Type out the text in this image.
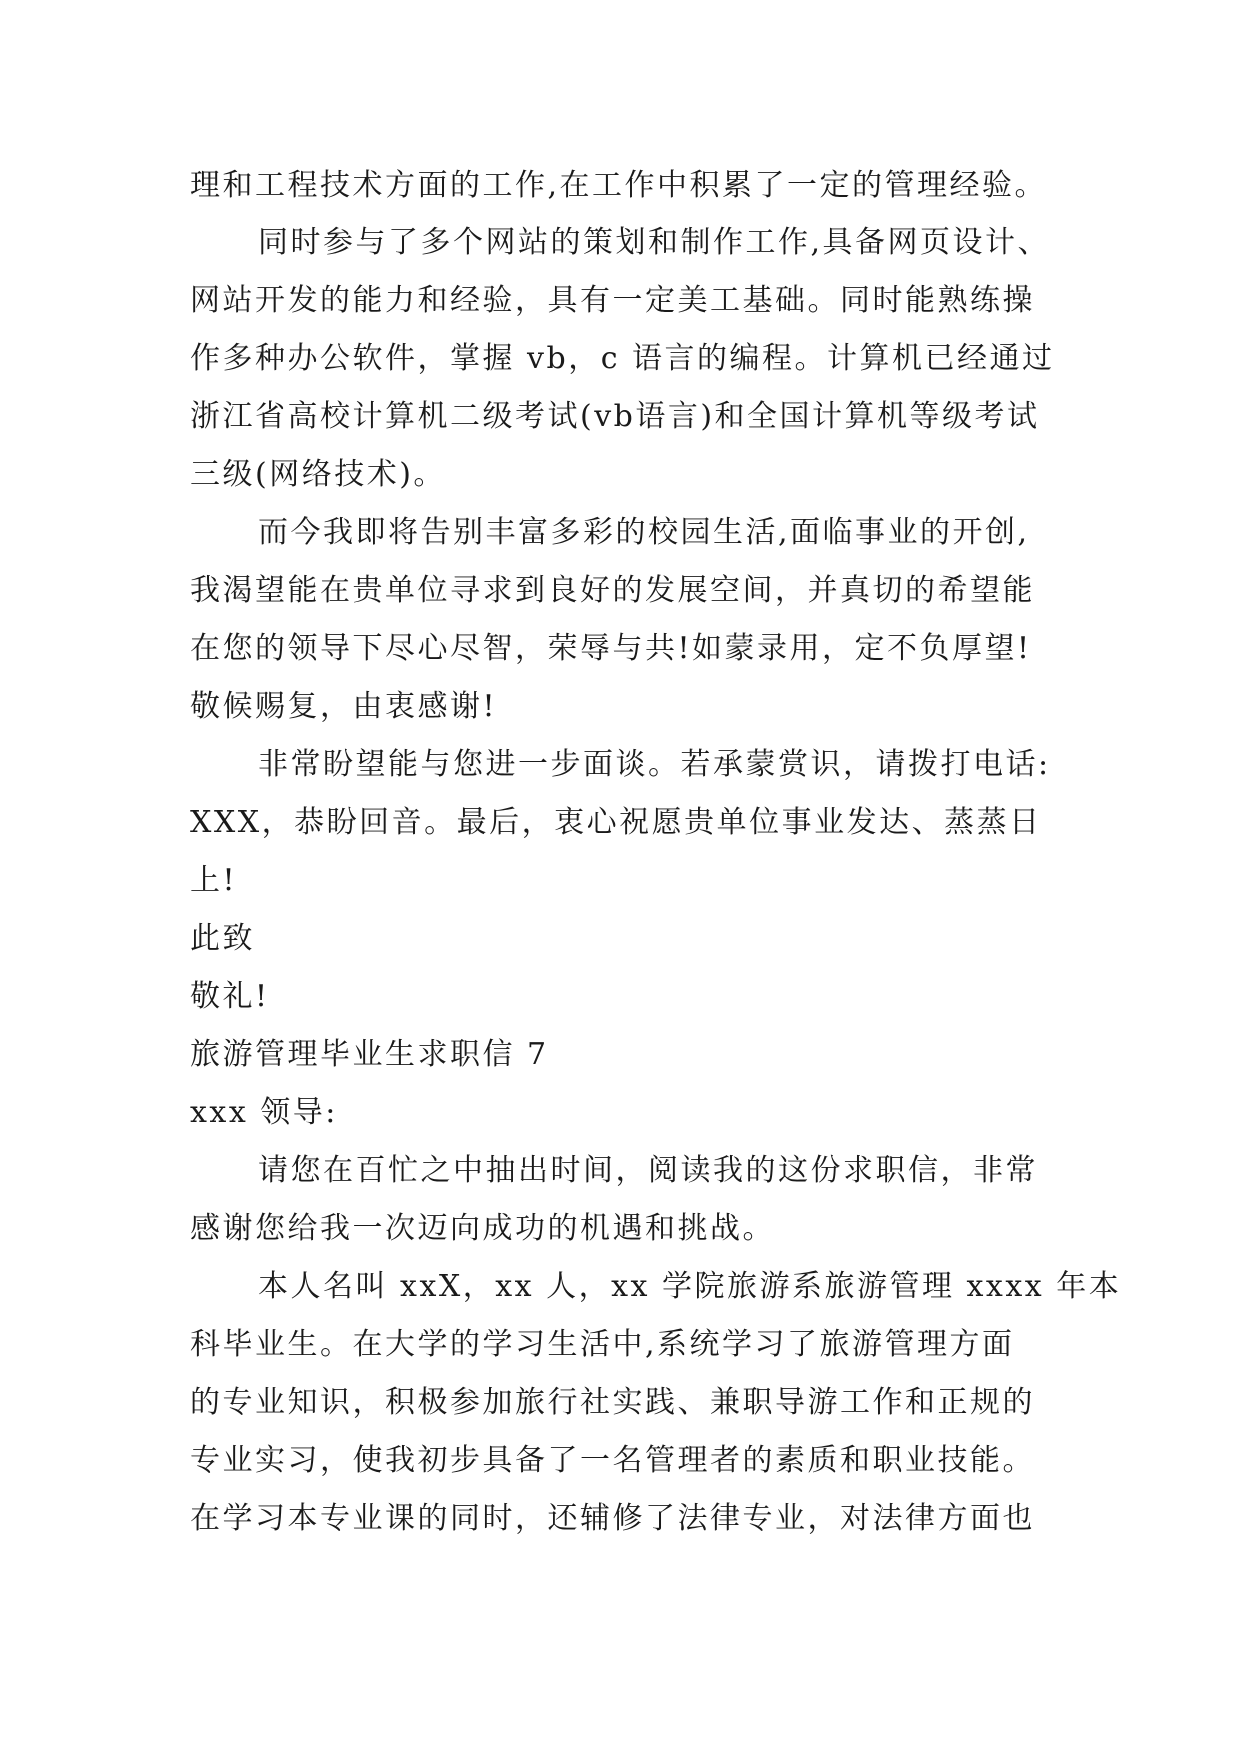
理和工程技术方面的工作,在工作中积累了一定的管理经验。
同时参与了多个网站的策划和制作工作,具备网页设计、
网站开发的能力和经验，具有一定美工基础。同时能熟练操
作多种办公软件，掌握 vb，c 语言的编程。计算机已经通过
浙江省高校计算机二级考试(vb语言)和全国计算机等级考试
三级(网络技术)。
而今我即将告别丰富多彩的校园生活,面临事业的开创,
我渴望能在贵单位寻求到良好的发展空间，并真切的希望能
在您的领导下尽心尽智，荣辱与共!如蒙录用，定不负厚望!
敬候赐复，由衷感谢!
非常盼望能与您进一步面谈。若承蒙赏识，请拨打电话:
XXX，恭盼回音。最后，衷心祝愿贵单位事业发达、蒸蒸日
上!
此致
敬礼!
旅游管理毕业生求职信 7
xxx 领导:
请您在百忙之中抽出时间，阅读我的这份求职信，非常
感谢您给我一次迈向成功的机遇和挑战。
本人名叫 xxX，xx 人，xx 学院旅游系旅游管理 xxxx 年本
科毕业生。在大学的学习生活中,系统学习了旅游管理方面
的专业知识，积极参加旅行社实践、兼职导游工作和正规的
专业实习，使我初步具备了一名管理者的素质和职业技能。
在学习本专业课的同时，还辅修了法律专业，对法律方面也
